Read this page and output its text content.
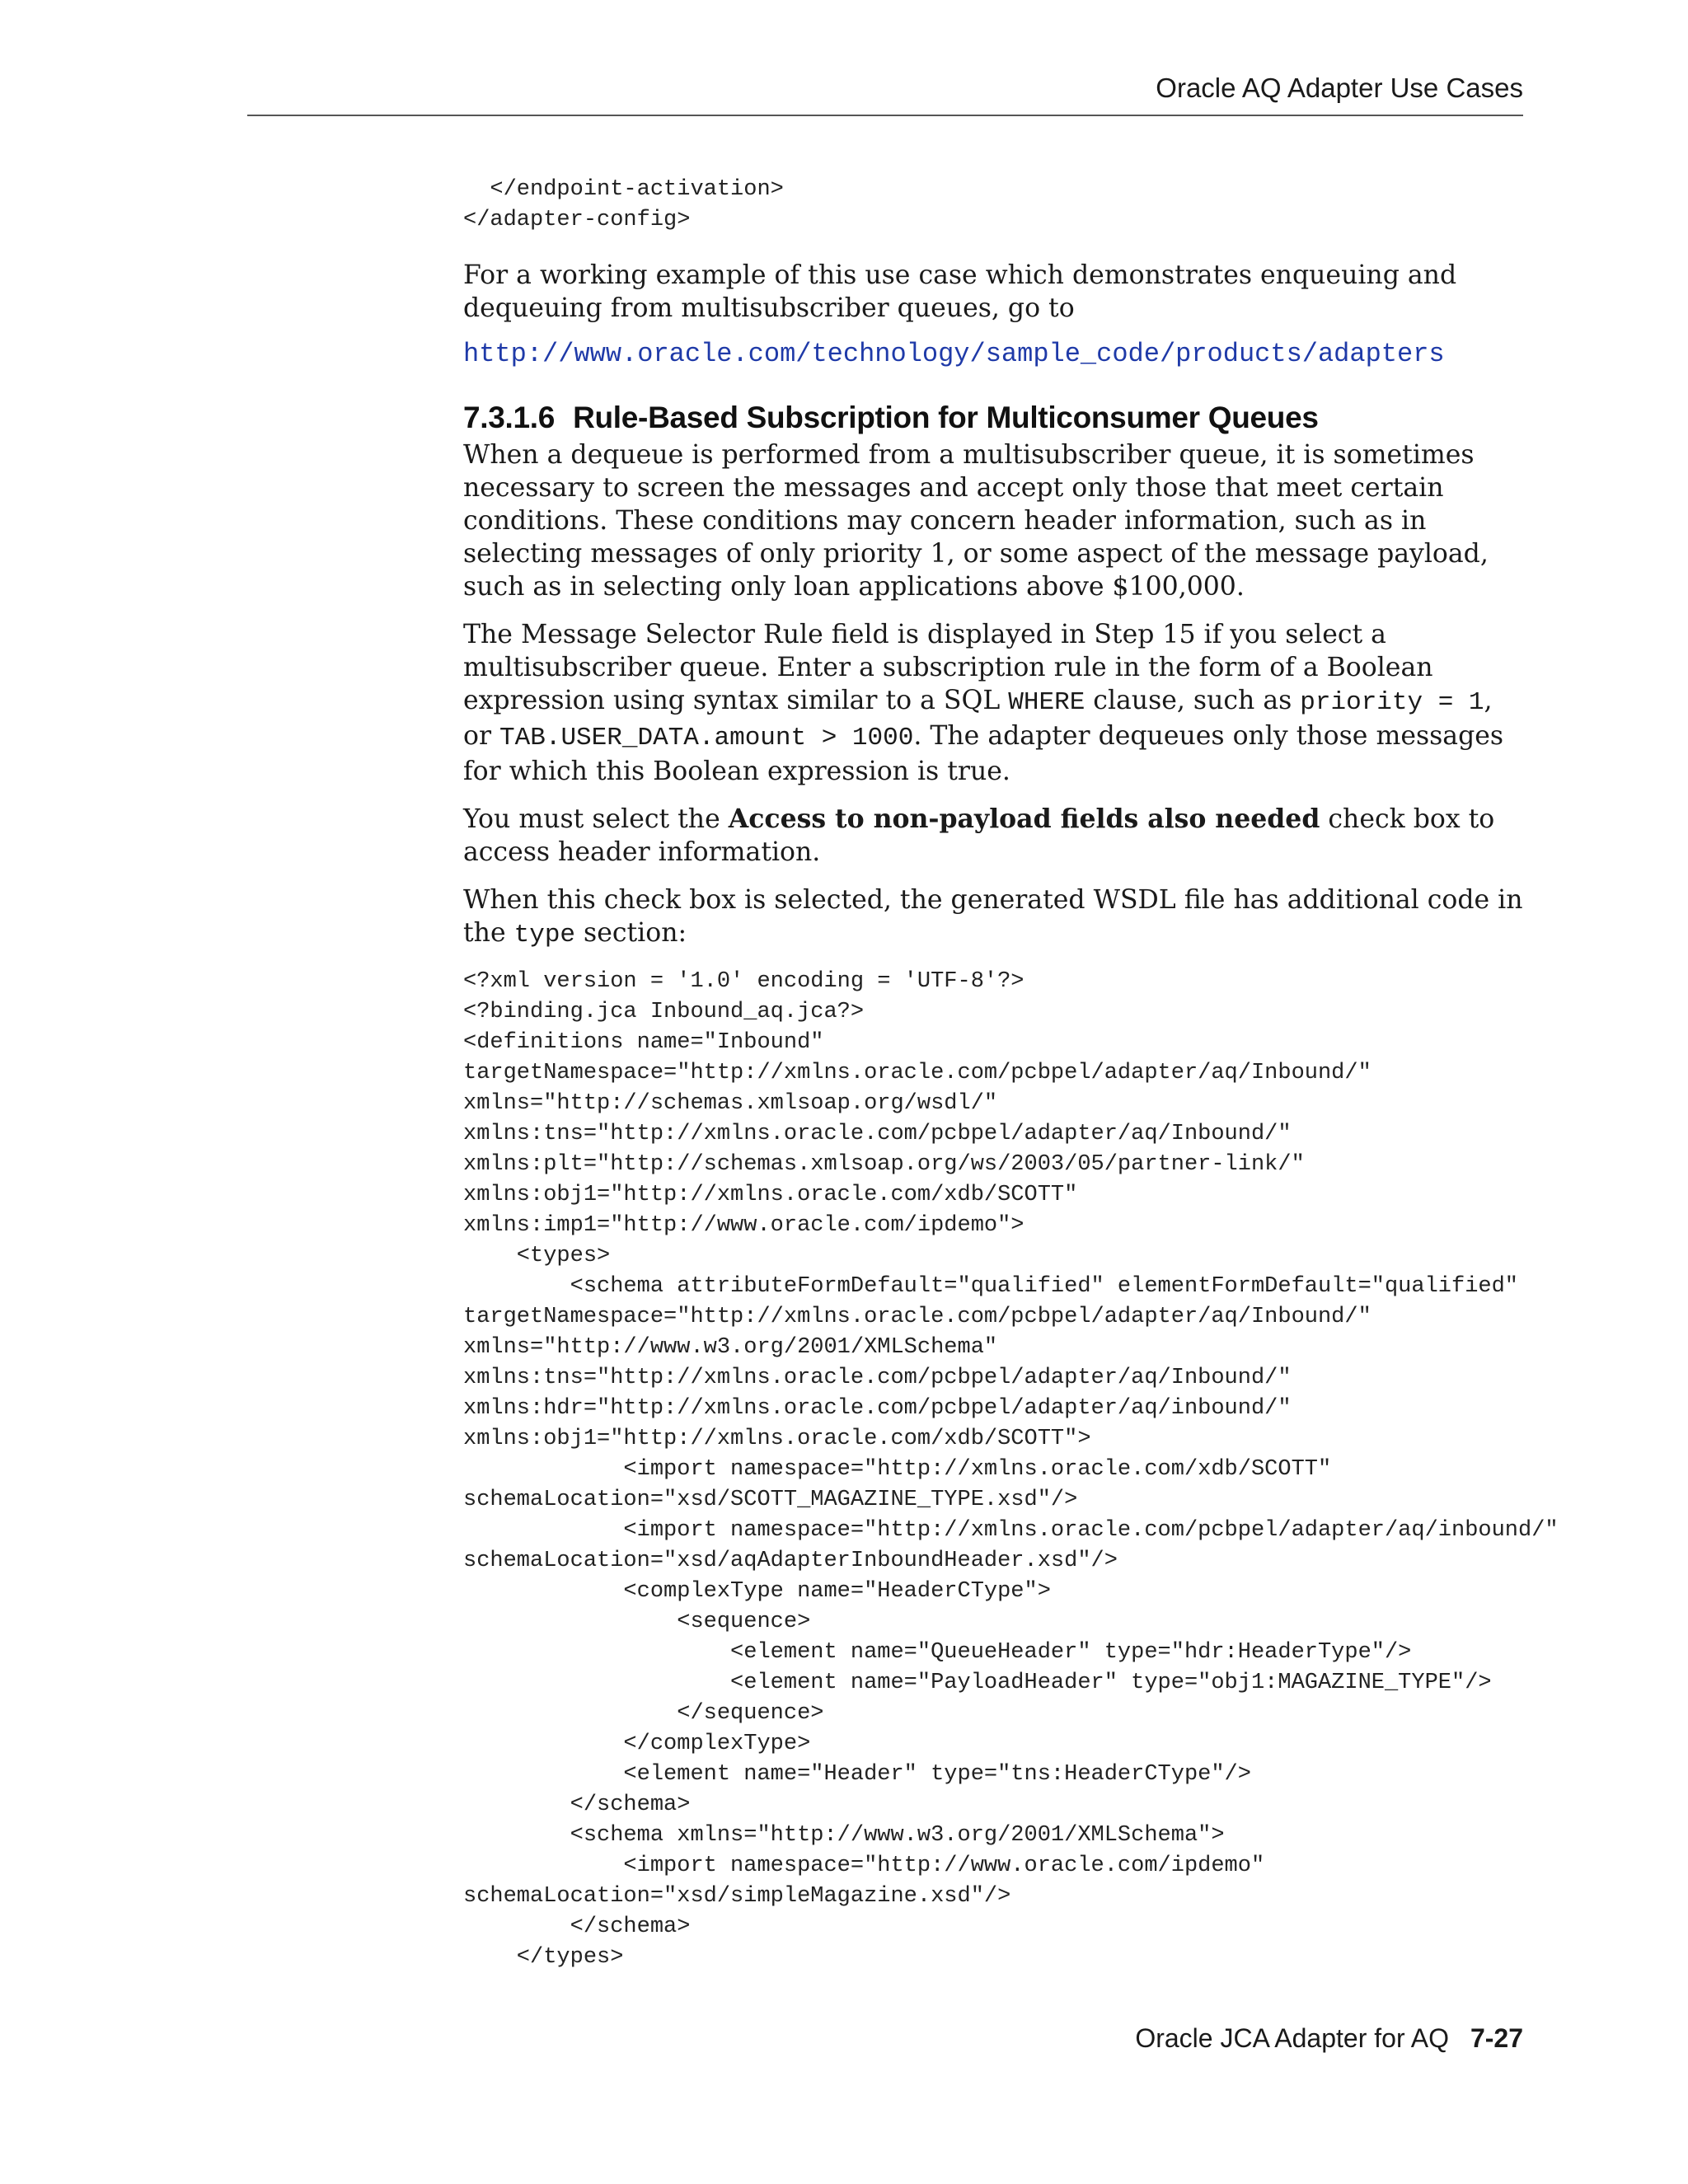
Oracle AQ Adapter Use Cases
</endpoint-activation>
</adapter-config>

For a working example of this use case which demonstrates enqueuing and dequeuing from multisubscriber queues, go to

http://www.oracle.com/technology/sample_code/products/adapters
7.3.1.6 Rule-Based Subscription for Multiconsumer Queues

When a dequeue is performed from a multisubscriber queue, it is sometimes necessary to screen the messages and accept only those that meet certain conditions. These conditions may concern header information, such as in selecting messages of only priority 1, or some aspect of the message payload, such as in selecting only loan applications above $100,000.

The Message Selector Rule field is displayed in Step 15 if you select a multisubscriber queue. Enter a subscription rule in the form of a Boolean expression using syntax similar to a SQL WHERE clause, such as priority = 1, or TAB.USER_DATA.amount > 1000. The adapter dequeues only those messages for which this Boolean expression is true.

You must select the Access to non-payload fields also needed check box to access header information.

When this check box is selected, the generated WSDL file has additional code in the type section:

<?xml version = '1.0' encoding = 'UTF-8'?>
<?binding.jca Inbound_aq.jca?>
<definitions name="Inbound"
targetNamespace="http://xmlns.oracle.com/pcbpel/adapter/aq/Inbound/"
xmlns="http://schemas.xmlsoap.org/wsdl/"
xmlns:tns="http://xmlns.oracle.com/pcbpel/adapter/aq/Inbound/"
xmlns:plt="http://schemas.xmlsoap.org/ws/2003/05/partner-link/"
xmlns:obj1="http://xmlns.oracle.com/xdb/SCOTT"
xmlns:imp1="http://www.oracle.com/ipdemo">
<types>
<schema attributeFormDefault="qualified" elementFormDefault="qualified"
targetNamespace="http://xmlns.oracle.com/pcbpel/adapter/aq/Inbound/"
xmlns="http://www.w3.org/2001/XMLSchema"
xmlns:tns="http://xmlns.oracle.com/pcbpel/adapter/aq/Inbound/"
xmlns:hdr="http://xmlns.oracle.com/pcbpel/adapter/aq/inbound/"
xmlns:obj1="http://xmlns.oracle.com/xdb/SCOTT">
<import namespace="http://xmlns.oracle.com/xdb/SCOTT"
schemaLocation="xsd/SCOTT_MAGAZINE_TYPE.xsd"/>
<import namespace="http://xmlns.oracle.com/pcbpel/adapter/aq/inbound/"
schemaLocation="xsd/aqAdapterInboundHeader.xsd"/>
<complexType name="HeaderCType">
<sequence>
<element name="QueueHeader" type="hdr:HeaderType"/>
<element name="PayloadHeader" type="obj1:MAGAZINE_TYPE"/>
</sequence>
</complexType>
<element name="Header" type="tns:HeaderCType"/>
</schema>
<schema xmlns="http://www.w3.org/2001/XMLSchema">
<import namespace="http://www.oracle.com/ipdemo"
schemaLocation="xsd/simpleMagazine.xsd"/>
</schema>
</types>
Oracle JCA Adapter for AQ 7-27
